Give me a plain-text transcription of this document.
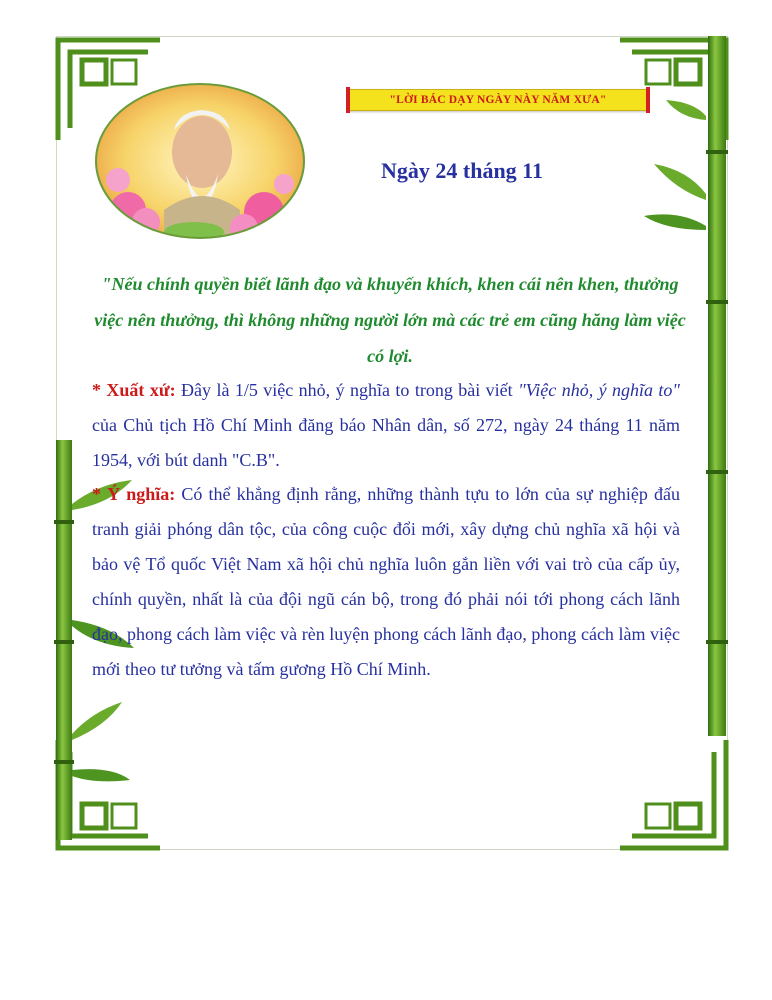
"LỜI BÁC DẠY NGÀY NÀY NĂM XƯA"
Ngày 24 tháng 11
"Nếu chính quyền biết lãnh đạo và khuyến khích, khen cái nên khen, thưởng việc nên thưởng, thì không những người lớn mà các trẻ em cũng hăng làm việc có lợi.
* Xuất xứ: Đây là 1/5 việc nhỏ, ý nghĩa to trong bài viết "Việc nhỏ, ý nghĩa to" của Chủ tịch Hồ Chí Minh đăng báo Nhân dân, số 272, ngày 24 tháng 11 năm 1954, với bút danh "C.B".
* Ý nghĩa: Có thể khẳng định rằng, những thành tựu to lớn của sự nghiệp đấu tranh giải phóng dân tộc, của công cuộc đổi mới, xây dựng chủ nghĩa xã hội và bảo vệ Tổ quốc Việt Nam xã hội chủ nghĩa luôn gắn liền với vai trò của cấp ủy, chính quyền, nhất là của đội ngũ cán bộ, trong đó phải nói tới phong cách lãnh đạo, phong cách làm việc và rèn luyện phong cách lãnh đạo, phong cách làm việc mới theo tư tưởng và tấm gương Hồ Chí Minh.
